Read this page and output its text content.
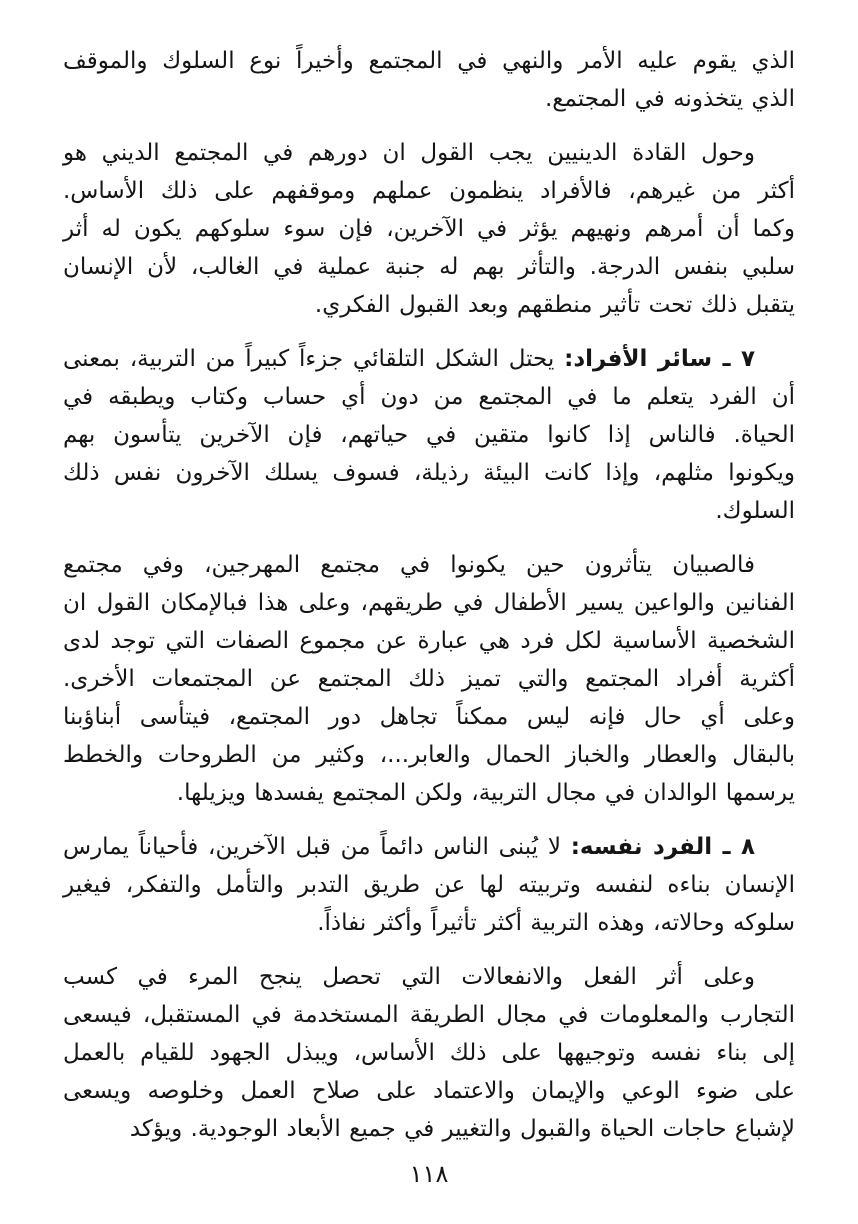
الذي يقوم عليه الأمر والنهي في المجتمع وأخيراً نوع السلوك والموقف
الذي يتخذونه في المجتمع.
وحول القادة الدينيين يجب القول ان دورهم في المجتمع الديني هو
أكثر من غيرهم، فالأفراد ينظمون عملهم وموقفهم على ذلك الأساس.
وكما أن أمرهم ونهيهم يؤثر في الآخرين، فإن سوء سلوكهم يكون له أثر
سلبي بنفس الدرجة. والتأثر بهم له جنبة عملية في الغالب، لأن الإنسان
يتقبل ذلك تحت تأثير منطقهم وبعد القبول الفكري.
٧ ـ سائر الأفراد: يحتل الشكل التلقائي جزءاً كبيراً من التربية، بمعنى
أن الفرد يتعلم ما في المجتمع من دون أي حساب وكتاب ويطبقه في
الحياة. فالناس إذا كانوا متقين في حياتهم، فإن الآخرين يتأسون بهم
ويكونوا مثلهم، وإذا كانت البيئة رذيلة، فسوف يسلك الآخرون نفس ذلك
السلوك.
فالصبيان يتأثرون حين يكونوا في مجتمع المهرجين، وفي مجتمع
الفنانين والواعين يسير الأطفال في طريقهم، وعلى هذا فبالإمكان القول ان
الشخصية الأساسية لكل فرد هي عبارة عن مجموع الصفات التي توجد لدى
أكثرية أفراد المجتمع والتي تميز ذلك المجتمع عن المجتمعات الأخرى.
وعلى أي حال فإنه ليس ممكناً تجاهل دور المجتمع، فيتأسى أبناؤبنا
بالبقال والعطار والخباز الحمال والعابر...، وكثير من الطروحات والخطط
يرسمها الوالدان في مجال التربية، ولكن المجتمع يفسدها ويزيلها.
٨ ـ الفرد نفسه: لا يُبنى الناس دائماً من قبل الآخرين، فأحياناً يمارس
الإنسان بناءه لنفسه وتربيته لها عن طريق التدبر والتأمل والتفكر، فيغير
سلوكه وحالاته، وهذه التربية أكثر تأثيراً وأكثر نفاذاً.
وعلى أثر الفعل والانفعالات التي تحصل ينجح المرء في كسب
التجارب والمعلومات في مجال الطريقة المستخدمة في المستقبل، فيسعى
إلى بناء نفسه وتوجيهها على ذلك الأساس، ويبذل الجهود للقيام بالعمل
على ضوء الوعي والإيمان والاعتماد على صلاح العمل وخلوصه ويسعى
لإشباع حاجات الحياة والقبول والتغيير في جميع الأبعاد الوجودية. ويؤكد
١١٨
